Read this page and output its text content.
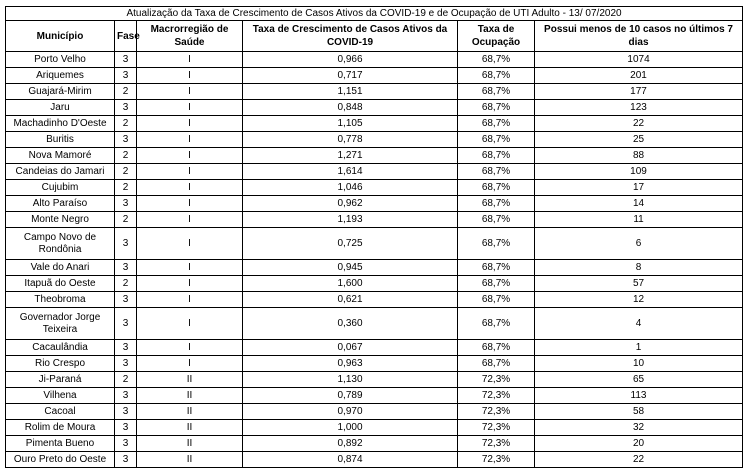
Atualização da Taxa de Crescimento de Casos Ativos da COVID-19 e de Ocupação de UTI Adulto - 13/ 07/2020					
Município	Fase	Macrorregião de Saúde	Taxa de Crescimento de Casos Ativos da COVID-19	Taxa de Ocupação	Possui menos de 10 casos no últimos 7 dias
Porto Velho	3	I	0,966	68,7%	1074
Ariquemes	3	I	0,717	68,7%	201
Guajará-Mirim	2	I	1,151	68,7%	177
Jaru	3	I	0,848	68,7%	123
Machadinho D'Oeste	2	I	1,105	68,7%	22
Buritis	3	I	0,778	68,7%	25
Nova Mamoré	2	I	1,271	68,7%	88
Candeias do Jamari	2	I	1,614	68,7%	109
Cujubim	2	I	1,046	68,7%	17
Alto Paraíso	3	I	0,962	68,7%	14
Monte Negro	2	I	1,193	68,7%	11
Campo Novo de Rondônia	3	I	0,725	68,7%	6
Vale do Anari	3	I	0,945	68,7%	8
Itapuã do Oeste	2	I	1,600	68,7%	57
Theobroma	3	I	0,621	68,7%	12
Governador Jorge Teixeira	3	I	0,360	68,7%	4
Cacaulândia	3	I	0,067	68,7%	1
Rio Crespo	3	I	0,963	68,7%	10
Ji-Paraná	2	II	1,130	72,3%	65
Vilhena	3	II	0,789	72,3%	113
Cacoal	3	II	0,970	72,3%	58
Rolim de Moura	3	II	1,000	72,3%	32
Pimenta Bueno	3	II	0,892	72,3%	20
Ouro Preto do Oeste	3	II	0,874	72,3%	22
